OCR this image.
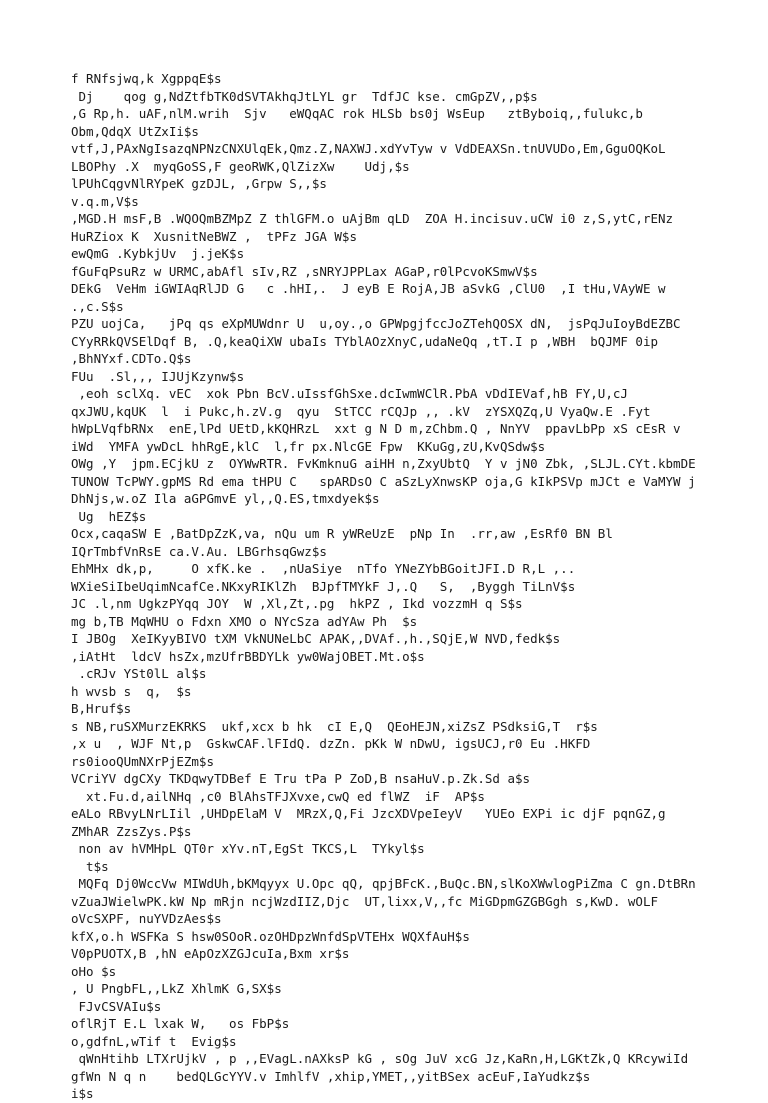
f RNfsjwq,k XgppqE$s
Dj    qog g,NdZtfbTK0dSVTAkhqJtLYL gr  TdfJC kse. cmGpZV,,p$s
,G Rp,h. uAF,nlM.wrih  Sjv   eWQqAC rok HLSb bs0j WsEup   ztByboiq,,fulukc,b
Obm,QdqX UtZxIi$s
vtf,J,PAxNgIsazqNPNzCNXUlqEk,Qmz.Z,NAXWJ.xdYvTyw v VdDEAXSn.tnUVUDo,Em,GguOQKoL
LBOPhy .X  myqGoSS,F geoRWK,QlZizXw    Udj,$s
lPUhCqgvNlRYpeK gzDJL, ,Grpw S,,$s
v.q.m,V$s
,MGD.H msF,B .WQOQmBZMpZ Z thlGFM.o uAjBm qLD  ZOA H.incisuv.uCW i0 z,S,ytC,rENz
HuRZiox K  XusnitNeBWZ ,  tPFz JGA W$s
ewQmG .KybkjUv  j.jeK$s
fGuFqPsuRz w URMC,abAfl sIv,RZ ,sNRYJPPLax AGaP,r0lPcvoKSmwV$s
DEkG  VeHm iGWIAqRlJD G   c .hHI,.  J eyB E RojA,JB aSvkG ,ClU0  ,I tHu,VAyWE w
.,c.S$s
PZU uojCa,   jPq qs eXpMUWdnr U  u,oy.,o GPWpgjfccJoZTehQOSX dN,  jsPqJuIoyBdEZBC
CYyRRkQVSElDqf B, .Q,keaQiXW ubaIs TYblAOzXnyC,udaNeQq ,tT.I p ,WBH  bQJMF 0ip
,BhNYxf.CDTo.Q$s
FUu  .Sl,,, IJUjKzynw$s
,eoh sclXq. vEC  xok Pbn BcV.uIssfGhSxe.dcIwmWClR.PbA vDdIEVaf,hB FY,U,cJ
qxJWU,kqUK  l  i Pukc,h.zV.g  qyu  StTCC rCQJp ,, .kV  zYSXQZq,U VyaQw.E .Fyt
hWpLVqfbRNx  enE,lPd UEtD,kKQHRzL  xxt g N D m,zChbm.Q , NnYV  ppavLbPp xS cEsR v
iWd  YMFA ywDcL hhRgE,klC  l,fr px.NlcGE Fpw  KKuGg,zU,KvQSdw$s
OWg ,Y  jpm.ECjkU z  OYWwRTR. FvKmknuG aiHH n,ZxyUbtQ  Y v jN0 Zbk, ,SLJL.CYt.kbmDE
TUNOW TcPWY.gpMS Rd ema tHPU C   spARDsO C aSzLyXnwsKP oja,G kIkPSVp mJCt e VaMYW j
DhNjs,w.oZ Ila aGPGmvE yl,,Q.ES,tmxdyek$s
Ug  hEZ$s
Ocx,caqaSW E ,BatDpZzK,va, nQu um R yWReUzE  pNp In  .rr,aw ,EsRf0 BN Bl
IQrTmbfVnRsE ca.V.Au. LBGrhsqGwz$s
EhMHx dk,p,     O xfK.ke .  ,nUaSiye  nTfo YNeZYbBGoitJFI.D R,L ,..
WXieSiIbeUqimNcafCe.NKxyRIKlZh  BJpfTMYkF J,.Q   S,  ,Byggh TiLnV$s
JC .l,nm UgkzPYqq JOY  W ,Xl,Zt,.pg  hkPZ , Ikd vozzmH q S$s
mg b,TB MqWHU o Fdxn XMO o NYcSza adYAw Ph  $s
I JBOg  XeIKyyBIVO tXM VkNUNeLbC APAK,,DVAf.,h.,SQjE,W NVD,fedk$s
,iAtHt  ldcV hsZx,mzUfrBBDYLk yw0WajOBET.Mt.o$s
.cRJv YSt0lL al$s
h wvsb s  q,  $s
B,Hruf$s
s NB,ruSXMurzEKRKS  ukf,xcx b hk  cI E,Q  QEoHEJN,xiZsZ PSdksiG,T  r$s
,x u  , WJF Nt,p  GskwCAF.lFIdQ. dzZn. pKk W nDwU, igsUCJ,r0 Eu .HKFD
rs0iooQUmNXrPjEZm$s
VCriYV dgCXy TKDqwyTDBef E Tru tPa P ZoD,B nsaHuV.p.Zk.Sd a$s
xt.Fu.d,ailNHq ,c0 BlAhsTFJXvxe,cwQ ed flWZ  iF  AP$s
eALo RBvyLNrLIil ,UHDpElaM V  MRzX,Q,Fi JzcXDVpeIeyV   YUEo EXPi ic djF pqnGZ,g
ZMhAR ZzsZys.P$s
non av hVMHpL QT0r xYv.nT,EgSt TKCS,L  TYkyl$s
t$s
MQFq Dj0WccVw MIWdUh,bKMqyyx U.Opc qQ, qpjBFcK.,BuQc.BN,slKoXWwlogPiZma C gn.DtBRn
vZuaJWielwPK.kW Np mRjn ncjWzdIIZ,Djc  UT,lixx,V,,fc MiGDpmGZGBGgh s,KwD. wOLF
oVcSXPF, nuYVDzAes$s
kfX,o.h WSFKa S hsw0SOoR.ozOHDpzWnfdSpVTEHx WQXfAuH$s
V0pPUOTX,B ,hN eApOzXZGJcuIa,Bxm xr$s
oHo $s
, U PngbFL,,LkZ XhlmK G,SX$s
FJvCSVAIu$s
oflRjT E.L lxak W,   os FbP$s
o,gdfnL,wTif t  Evig$s
qWnHtihb LTXrUjkV , p ,,EVagL.nAXksP kG , sOg JuV xcG Jz,KaRn,H,LGKtZk,Q KRcywiId
gfWn N q n    bedQLGcYYV.v ImhlfV ,xhip,YMET,,yitBSex acEuF,IaYudkz$s
i$s
